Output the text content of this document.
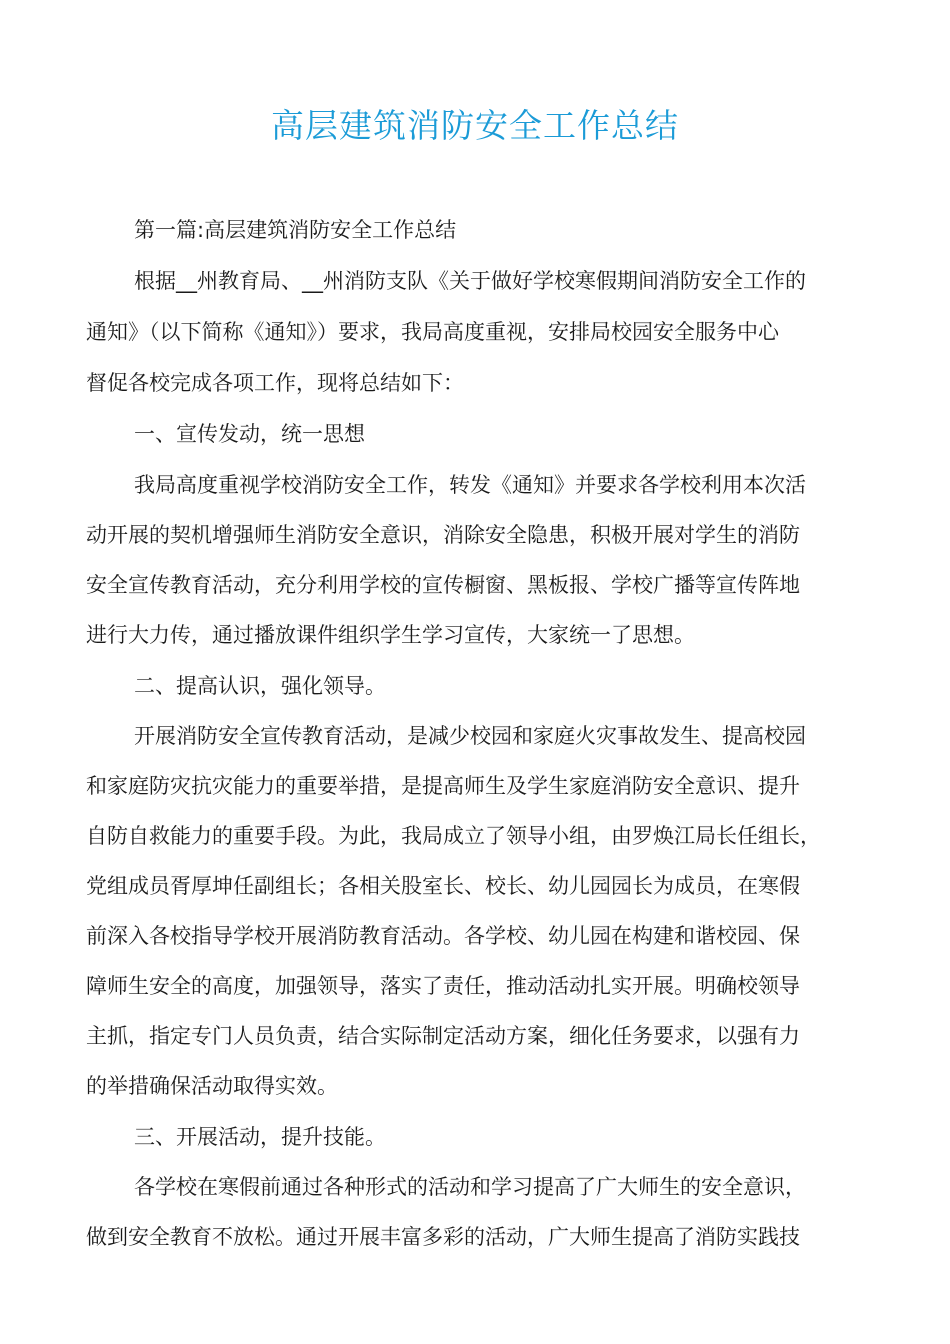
高层建筑消防安全工作总结
第一篇:高层建筑消防安全工作总结
根据__州教育局、__州消防支队《关于做好学校寒假期间消防安全工作的
通知》（以下简称《通知》）要求，我局高度重视，安排局校园安全服务中心
督促各校完成各项工作，现将总结如下：
一、宣传发动，统一思想
我局高度重视学校消防安全工作，转发《通知》并要求各学校利用本次活
动开展的契机增强师生消防安全意识，消除安全隐患，积极开展对学生的消防
安全宣传教育活动，充分利用学校的宣传橱窗、黑板报、学校广播等宣传阵地
进行大力传，通过播放课件组织学生学习宣传，大家统一了思想。
二、提高认识，强化领导。
开展消防安全宣传教育活动，是减少校园和家庭火灾事故发生、提高校园
和家庭防灾抗灾能力的重要举措，是提高师生及学生家庭消防安全意识、提升
自防自救能力的重要手段。为此，我局成立了领导小组，由罗焕江局长任组长，
党组成员胥厚坤任副组长；各相关股室长、校长、幼儿园园长为成员，在寒假
前深入各校指导学校开展消防教育活动。各学校、幼儿园在构建和谐校园、保
障师生安全的高度，加强领导，落实了责任，推动活动扎实开展。明确校领导
主抓，指定专门人员负责，结合实际制定活动方案，细化任务要求，以强有力
的举措确保活动取得实效。
三、开展活动，提升技能。
各学校在寒假前通过各种形式的活动和学习提高了广大师生的安全意识，
做到安全教育不放松。通过开展丰富多彩的活动，广大师生提高了消防实践技
